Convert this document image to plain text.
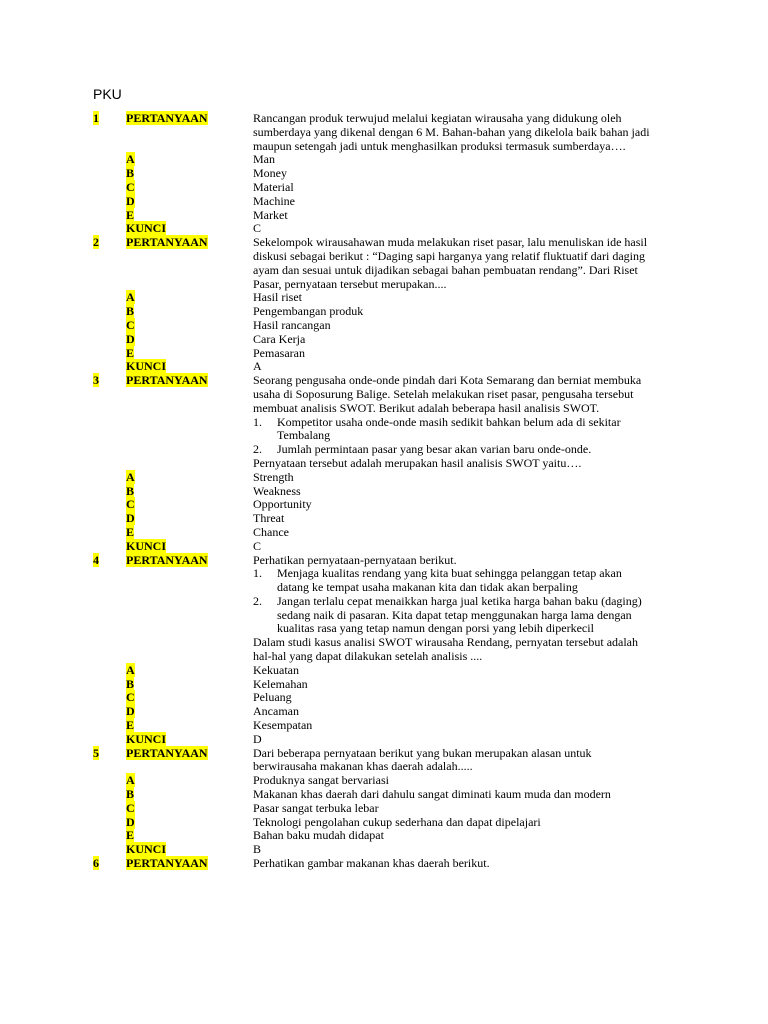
PKU
1	PERTANYAAN	Rancangan produk terwujud melalui kegiatan wirausaha yang didukung oleh sumberdaya yang dikenal dengan 6 M. Bahan-bahan yang dikelola baik bahan jadi maupun setengah jadi untuk menghasilkan produksi termasuk sumberdaya….
A	Man
B	Money
C	Material
D	Machine
E	Market
KUNCI	C
2	PERTANYAAN	Sekelompok wirausahawan muda melakukan riset pasar, lalu menuliskan ide hasil diskusi sebagai berikut : “Daging sapi harganya yang relatif fluktuatif dari daging ayam dan sesuai untuk dijadikan sebagai bahan pembuatan rendang”. Dari Riset Pasar, pernyataan tersebut merupakan....
A	Hasil riset
B	Pengembangan produk
C	Hasil rancangan
D	Cara Kerja
E	Pemasaran
KUNCI	A
3	PERTANYAAN	Seorang pengusaha onde-onde pindah dari Kota Semarang dan berniat membuka usaha di Soposurung Balige. Setelah melakukan riset pasar, pengusaha tersebut membuat analisis SWOT. Berikut adalah beberapa hasil analisis SWOT.
1.	Kompetitor usaha onde-onde masih sedikit bahkan belum ada di sekitar Tembalang
2.	Jumlah permintaan pasar yang besar akan varian baru onde-onde.
Pernyataan tersebut adalah merupakan hasil analisis SWOT yaitu….
A	Strength
B	Weakness
C	Opportunity
D	Threat
E	Chance
KUNCI	C
4	PERTANYAAN	Perhatikan pernyataan-pernyataan berikut.
1.	Menjaga kualitas rendang yang kita buat sehingga pelanggan tetap akan datang ke tempat usaha makanan kita dan tidak akan berpaling
2.	Jangan terlalu cepat menaikkan harga jual ketika harga bahan baku (daging) sedang naik di pasaran. Kita dapat tetap menggunakan harga lama dengan kualitas rasa yang tetap namun dengan porsi yang lebih diperkecil
Dalam studi kasus analisi SWOT wirausaha Rendang, pernyatan tersebut adalah hal-hal yang dapat dilakukan setelah analisis ....
A	Kekuatan
B	Kelemahan
C	Peluang
D	Ancaman
E	Kesempatan
KUNCI	D
5	PERTANYAAN	Dari beberapa pernyataan berikut yang bukan merupakan alasan untuk berwirausaha makanan khas daerah adalah.....
A	Produknya sangat bervariasi
B	Makanan khas daerah dari dahulu sangat diminati kaum muda dan modern
C	Pasar sangat terbuka lebar
D	Teknologi pengolahan cukup sederhana dan dapat dipelajari
E	Bahan baku mudah didapat
KUNCI	B
6	PERTANYAAN	Perhatikan gambar makanan khas daerah berikut.
